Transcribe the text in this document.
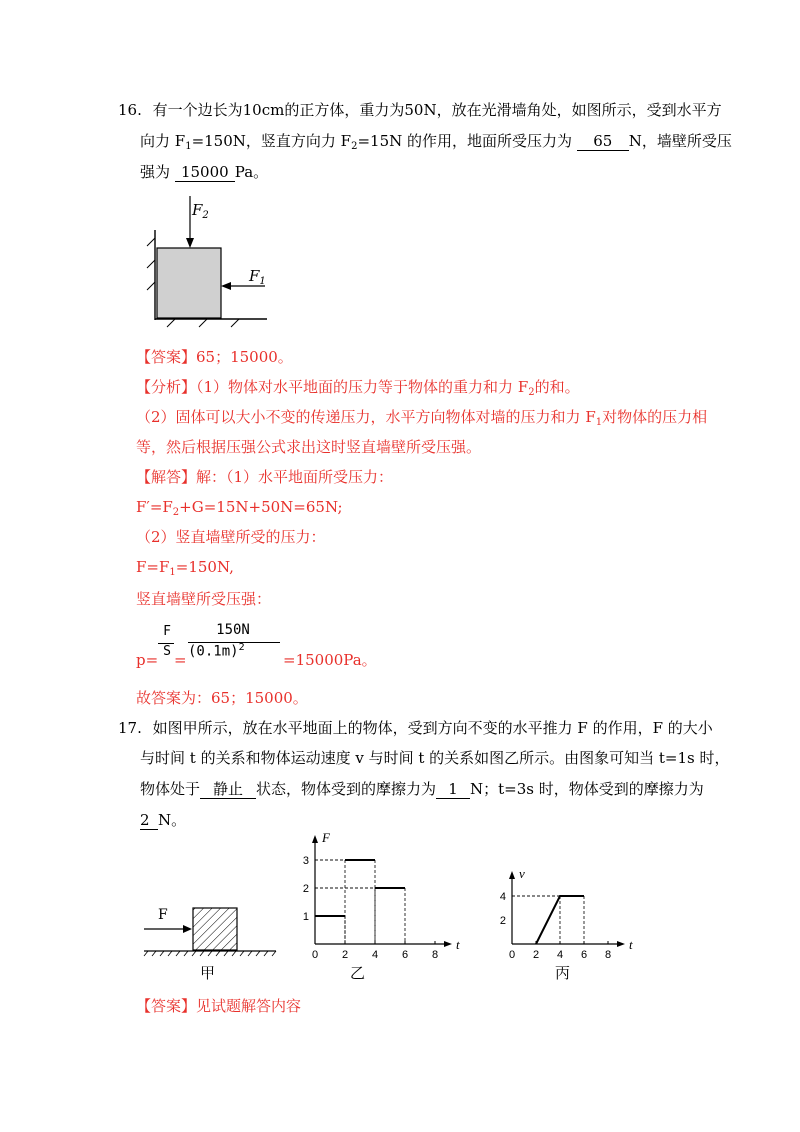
16. 有一个边长为10cm的正方体，重力为50N，放在光滑墙角处，如图所示，受到水平方
向力 $F_1=150N$，竖直方向力 $F_2=15N$ 的作用，地面所受压力为 65 N，墙壁所受压
强为 15000 Pa。
$F_2$
$F_1$
【答案】65；15000。
【分析】（1）物体对水平地面的压力等于物体的重力和力 $F_2$的和。
（2）固体可以大小不变的传递压力，水平方向物体对墙的压力和力 $F_1$对物体的压力相
等，然后根据压强公式求出这时竖直墙壁所受压强。
【解答】解：（1）水平地面所受压力：
$F'=F_2+G=15N+50N=65N$;
（2）竖直墙壁所受的压力：
$F=F_1=150N$,
竖直墙壁所受压强：
F
S
150N
$(0.1m)^2$
p= =	=15000Pa。
故答案为：65；15000。
17. 如图甲所示，放在水平地面上的物体，受到方向不变的水平推力 F 的作用，F 的大小
与时间 t 的关系和物体运动速度 v 与时间 t 的关系如图乙所示。由图象可知当 t=1s 时，
物体处于 静止 状态，物体受到的摩擦力为 1 N；t=3s 时，物体受到的摩擦力为
2 N。
F
甲
t
F
0 2 4 6 8
1
2
3
乙
t
v
0 2 4 6 8
2
4
丙
【答案】见试题解答内容
